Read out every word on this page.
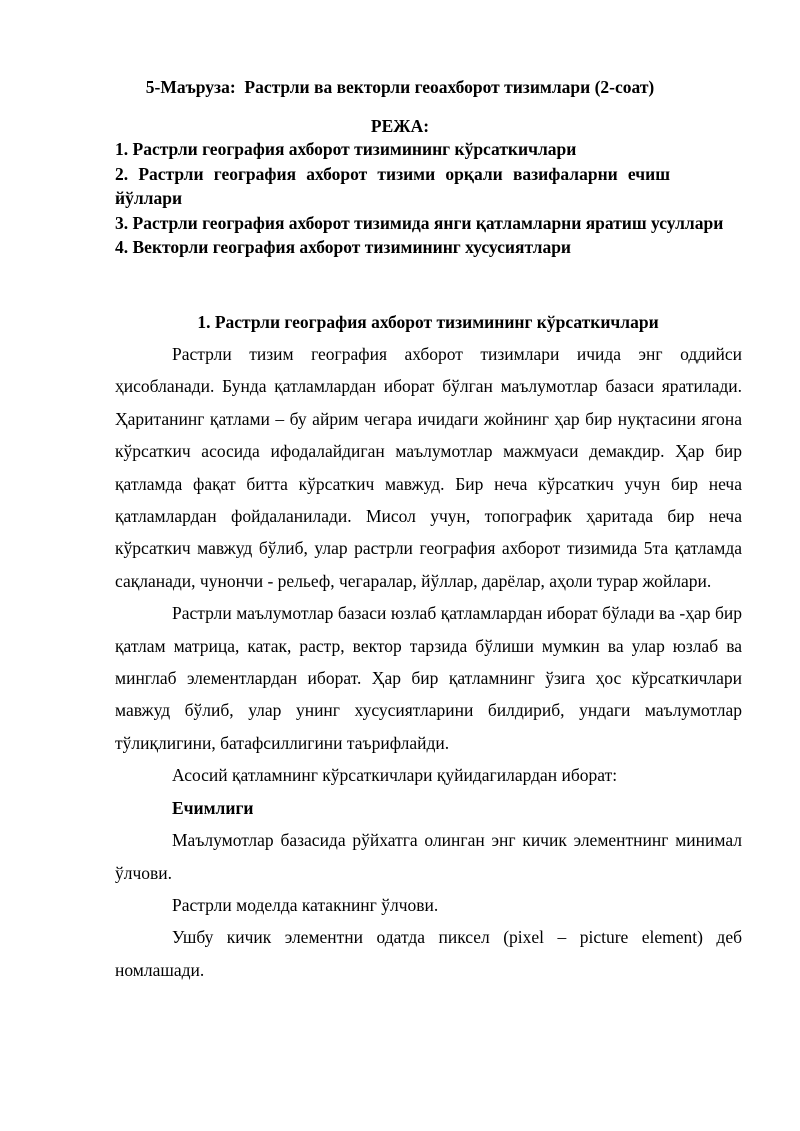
5-Маъруза:  Растрли ва векторли геоахборот тизимлари (2-соат)
РЕЖА:
1. Растрли география ахборот тизимининг кўрсаткичлари
2. Растрли география ахборот тизими орқали вазифаларни ечиш йўллари
3. Растрли география ахборот тизимида янги қатламларни яратиш усуллари
4. Векторли география ахборот тизимининг хусусиятлари
1. Растрли география ахборот тизимининг кўрсаткичлари

Растрли тизим география ахборот тизимлари ичида энг оддийси ҳисобланади. Бунда қатламлардан иборат бўлган маълумотлар базаси яратилади. Ҳаританинг қатлами – бу айрим чегара ичидаги жойнинг ҳар бир нуқтасини ягона кўрсаткич асосида ифодалайдиган маълумотлар мажмуаси демакдир. Ҳар бир қатламда фақат битта кўрсаткич мавжуд. Бир неча кўрсаткич учун бир неча қатламлардан фойдаланилади. Мисол учун, топографик ҳаритада бир неча кўрсаткич мавжуд бўлиб, улар растрли география ахборот тизимида 5та қатламда сақланади, чунончи - рельеф, чегаралар, йўллар, дарёлар, аҳоли турар жойлари.

Растрли маълумотлар базаси юзлаб қатламлардан иборат бўлади ва -ҳар бир қатлам матрица, катак, растр, вектор тарзида бўлиши мумкин ва улар юзлаб ва минглаб элементлардан иборат. Ҳар бир қатламнинг ўзига ҳос кўрсаткичлари мавжуд бўлиб, улар унинг хусусиятларини билдириб, ундаги маълумотлар тўлиқлигини, батафсиллигини таърифлайди.

Асосий қатламнинг кўрсаткичлари қуйидагилардан иборат:

Ечимлиги

Маълумотлар базасида рўйхатга олинган энг кичик элементнинг минимал ўлчови.

Растрли моделда катакнинг ўлчови.

Ушбу кичик элементни одатда пиксел (pixel – picture element) деб номлашади.
